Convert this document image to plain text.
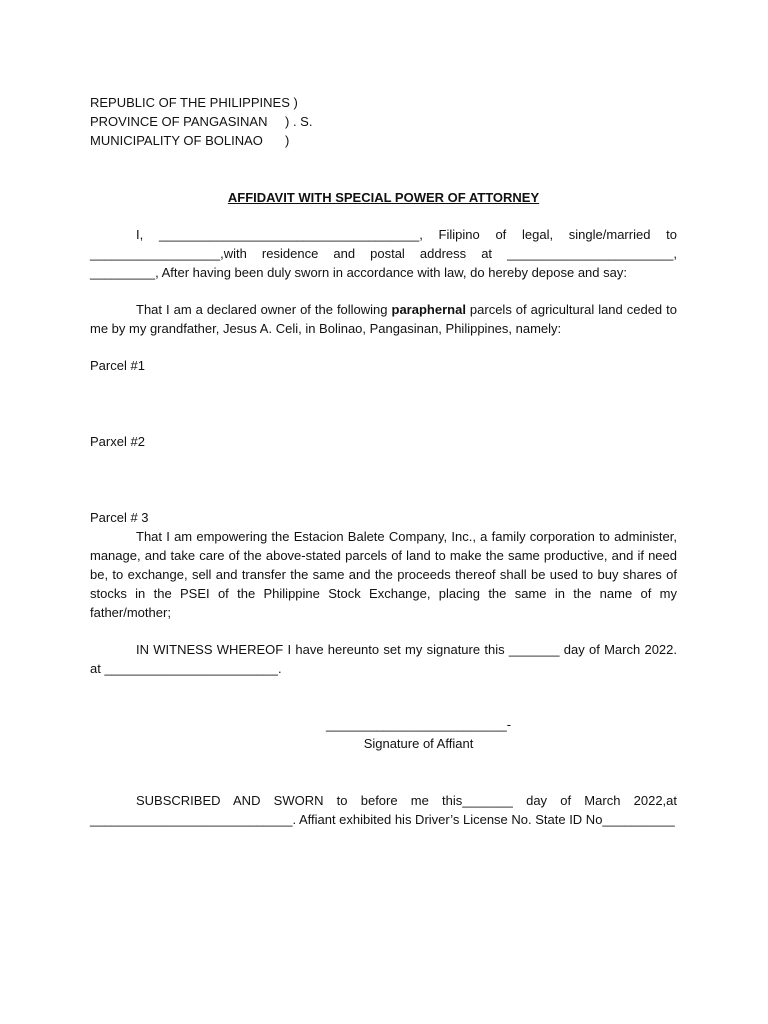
REPUBLIC OF THE PHILIPPINES )
PROVINCE OF PANGASINAN	) . S.
MUNICIPALITY OF BOLINAO	)
AFFIDAVIT WITH SPECIAL POWER OF ATTORNEY

I, ____________________________________, Filipino of legal, single/married to __________________,with residence and postal address at _______________________, _________, After having been duly sworn in accordance with law, do hereby depose and say:

That I am a declared owner of the following paraphernal parcels of agricultural land ceded to me by my grandfather, Jesus A. Celi, in Bolinao, Pangasinan, Philippines, namely:

Parcel #1
Parxel #2
Parcel # 3

That I am empowering the Estacion Balete Company, Inc., a family corporation to administer, manage, and take care of the above-stated parcels of land to make the same productive, and if need be, to exchange, sell and transfer the same and the proceeds thereof shall be used to buy shares of stocks in the PSEI of the Philippine Stock Exchange, placing the same in the name of my father/mother;

IN WITNESS WHEREOF I have hereunto set my signature this _______ day of March 2022. at ________________________.

_________________________-
Signature of Affiant

SUBSCRIBED AND SWORN to before me this_______ day of March 2022,at ____________________________. Affiant exhibited his Driver’s License No. State ID No__________
